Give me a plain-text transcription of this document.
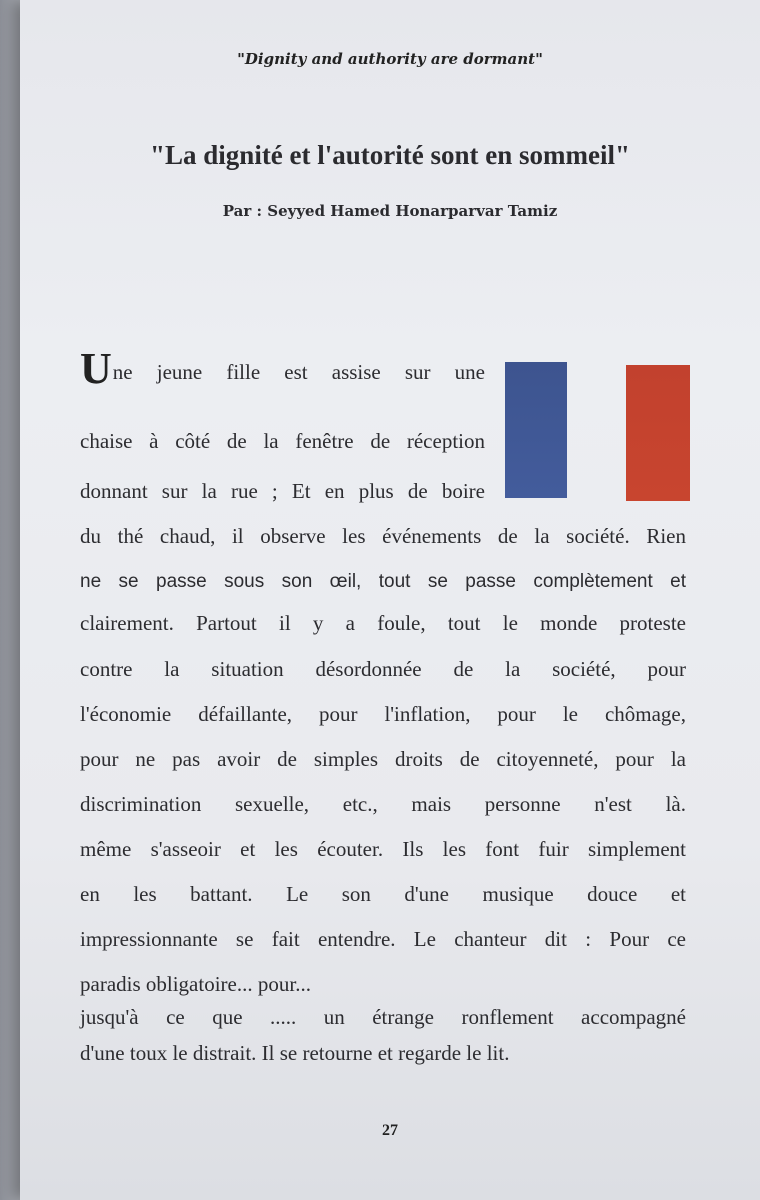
"Dignity and authority are dormant"
"La dignité et l'autorité sont en sommeil"
Par : Seyyed Hamed Honarparvar Tamiz
Une jeune fille est assise sur une
chaise à côté de la fenêtre de réception
donnant sur la rue ; Et en plus de boire
du thé chaud, il observe les événements de la société. Rien
ne se passe sous son œil, tout se passe complètement et
clairement. Partout il y a foule, tout le monde proteste
contre la situation désordonnée de la société, pour
l'économie défaillante, pour l'inflation, pour le chômage,
pour ne pas avoir de simples droits de citoyenneté, pour la
discrimination sexuelle, etc., mais personne n'est là.
même s'asseoir et les écouter. Ils les font fuir simplement
en les battant. Le son d'une musique douce et
impressionnante se fait entendre. Le chanteur dit : Pour ce
paradis obligatoire... pour...
jusqu'à ce que ..... un étrange ronflement accompagné
d'une toux le distrait. Il se retourne et regarde le lit.
27
